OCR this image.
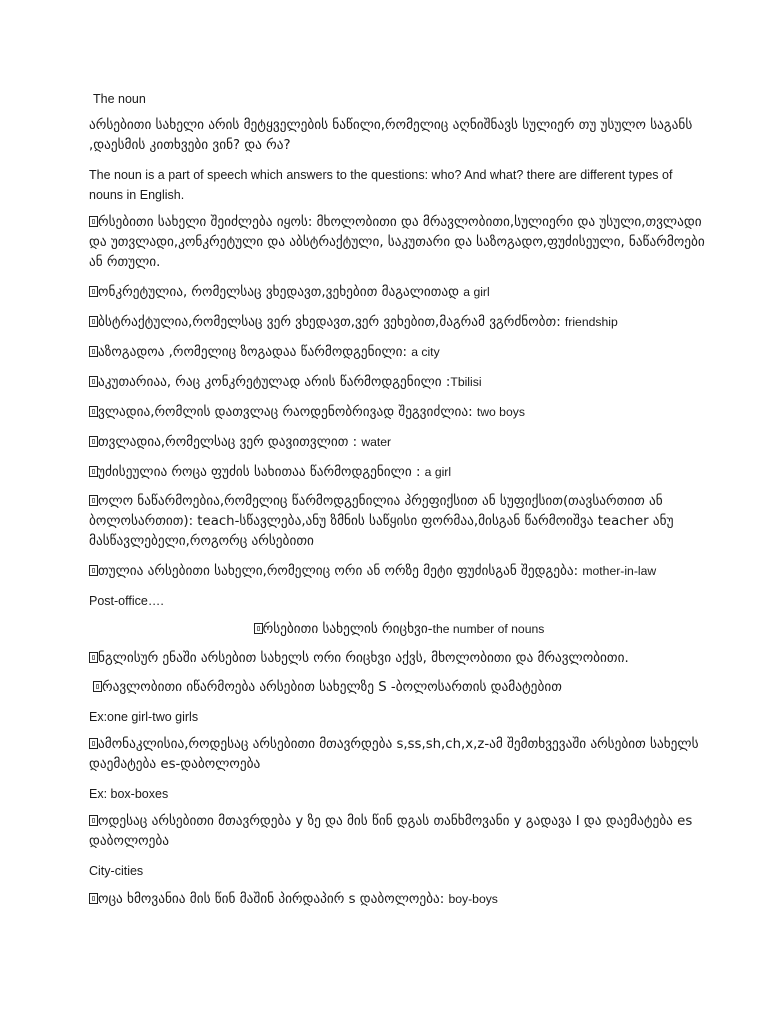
The noun
არსებითი სახელი არის მეტყველების ნაწილი,რომელიც აღნიშნავს სულიერ თუ უსულო საგანს ,დაესმის კითხვები ვინ? და რა?
The noun is a part of speech which answers to the questions: who? And what? there are different types of nouns in English.
რსებითი სახელი შეიძლება იყოს: მხოლობითი და მრავლობითი,სულიერი და უსული,თვლადი და უთვლადი,კონკრეტული და აბსტრაქტული, საკუთარი და საზოგადო,ფუძისეული, ნაწარმოები ან რთული.
ონკრეტულია, რომელსაც ვხედავთ,ვეხებით მაგალითად a girl
ბსტრაქტულია,რომელსაც ვერ ვხედავთ,ვერ ვეხებით,მაგრამ ვგრძნობთ: friendship
აზოგადოა ,რომელიც ზოგადაა წარმოდგენილი: a city
აკუთარიაა, რაც კონკრეტულად არის წარმოდგენილი :Tbilisi
ვლადია,რომლის დათვლაც რაოდენობრივად შეგვიძლია: two boys
თვლადია,რომელსაც ვერ დავითვლით : water
უძისეულია როცა ფუძის სახითაა წარმოდგენილი : a girl
ოლო ნაწარმოებია,რომელიც წარმოდგენილია პრეფიქსით ან სუფიქსით(თავსართით ან ბოლოსართით): teach-სწავლება,ანუ ზმნის საწყისი ფორმაა,მისგან წარმოიშვა teacher ანუ მასწავლებელი,როგორც არსებითი
თულია არსებითი სახელი,რომელიც ორი ან ორზე მეტი ფუძისგან შედგება: mother-in-law
Post-office….
რსებითი სახელის რიცხვი-the number of nouns
ნგლისურ ენაში არსებით სახელს ორი რიცხვი აქვს, მხოლობითი და მრავლობითი.
რავლობითი იწარმოება არსებით სახელზე S -ბოლოსართის დამატებით
Ex:one girl-two girls
ამონაკლისია,როდესაც არსებითი მთავრდება s,ss,sh,ch,x,z-ამ შემთხვევაში არსებით სახელს დაემატება es-დაბოლოება
Ex: box-boxes
ოდესაც არსებითი მთავრდება y ზე და მის წინ დგას თანხმოვანი y გადავა I და დაემატება es დაბოლოება
City-cities
ოცა ხმოვანია მის წინ მაშინ პირდაპირ s დაბოლოება: boy-boys
